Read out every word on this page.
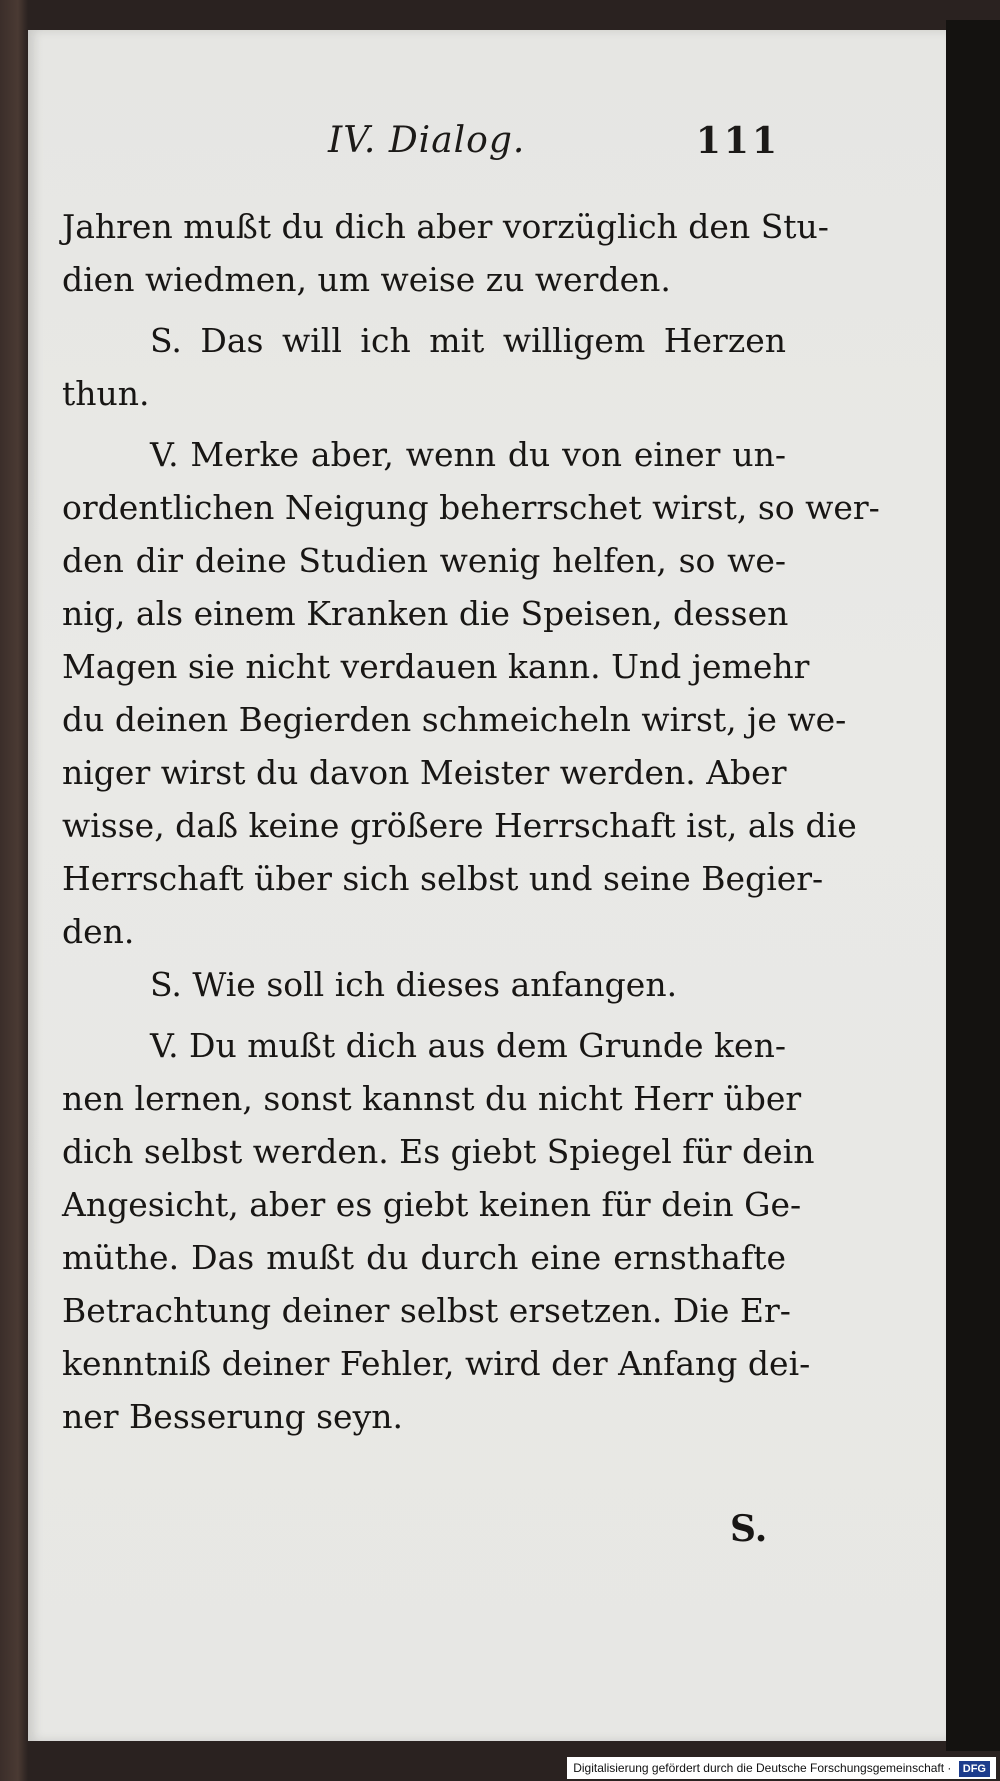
IV. Dialog.	111
Jahren mußt du dich aber vorzüglich den Stu-
dien wiedmen, um weise zu werden.
S. Das will ich mit willigem Herzen
thun.
V. Merke aber, wenn du von einer un-
ordentlichen Neigung beherrschet wirst, so wer-
den dir deine Studien wenig helfen, so we-
nig, als einem Kranken die Speisen, dessen
Magen sie nicht verdauen kann. Und jemehr
du deinen Begierden schmeicheln wirst, je we-
niger wirst du davon Meister werden. Aber
wisse, daß keine größere Herrschaft ist, als die
Herrschaft über sich selbst und seine Begier-
den.
S. Wie soll ich dieses anfangen.
V. Du mußt dich aus dem Grunde ken-
nen lernen, sonst kannst du nicht Herr über
dich selbst werden. Es giebt Spiegel für dein
Angesicht, aber es giebt keinen für dein Ge-
müthe. Das mußt du durch eine ernsthafte
Betrachtung deiner selbst ersetzen. Die Er-
kenntniß deiner Fehler, wird der Anfang dei-
ner Besserung seyn.
S.
Digitalisierung gefördert durch die Deutsche Forschungsgemeinschaft · DFG
